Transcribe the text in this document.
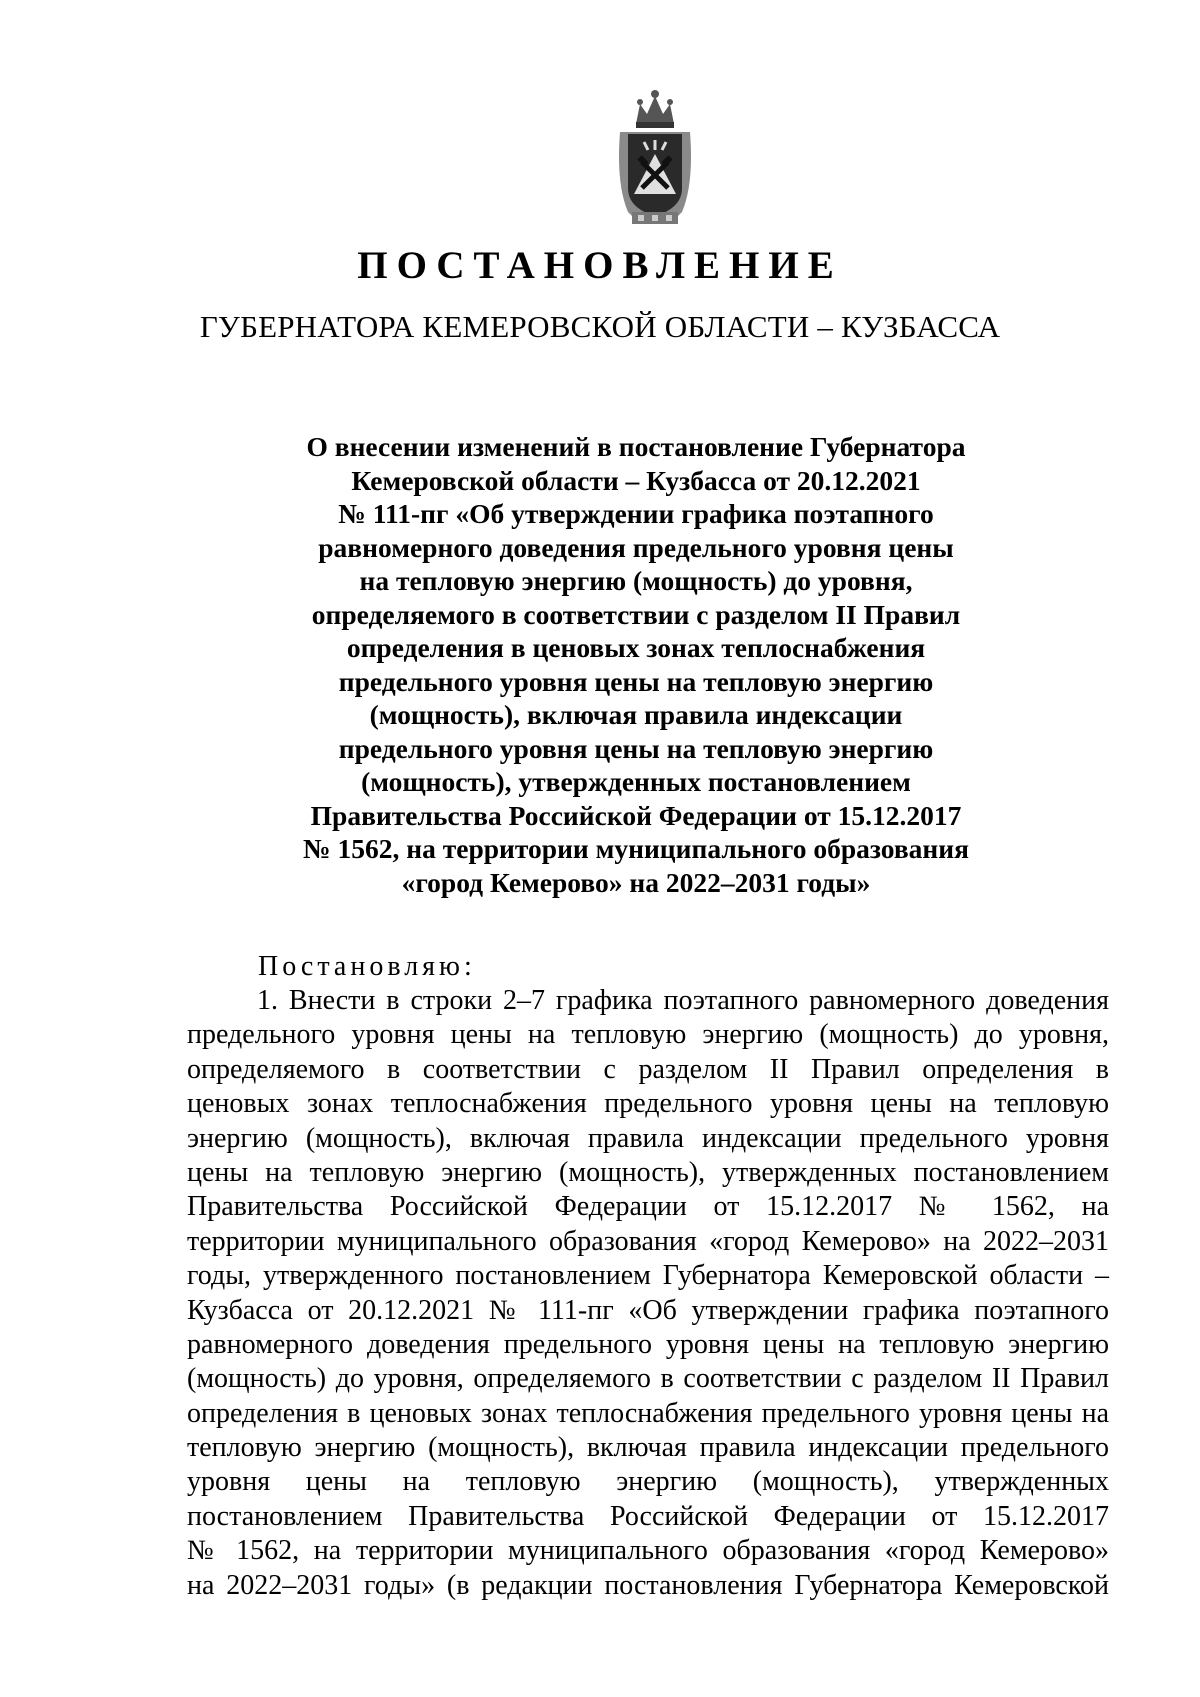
ПОСТАНОВЛЕНИЕ
ГУБЕРНАТОРА КЕМЕРОВСКОЙ ОБЛАСТИ – КУЗБАССА
О внесении изменений в постановление Губернатора
Кемеровской области – Кузбасса от 20.12.2021
№ 111-пг «Об утверждении графика поэтапного
равномерного доведения предельного уровня цены
на тепловую энергию (мощность) до уровня,
определяемого в соответствии с разделом II Правил
определения в ценовых зонах теплоснабжения
предельного уровня цены на тепловую энергию
(мощность), включая правила индексации
предельного уровня цены на тепловую энергию
(мощность), утвержденных постановлением
Правительства Российской Федерации от 15.12.2017
№ 1562, на территории муниципального образования
«город Кемерово» на 2022–2031 годы»
Постановляю:
1. Внести в строки 2–7 графика поэтапного равномерного доведения
предельного уровня цены на тепловую энергию (мощность) до уровня,
определяемого в соответствии с разделом II Правил определения в
ценовых зонах теплоснабжения предельного уровня цены на тепловую
энергию (мощность), включая правила индексации предельного уровня
цены на тепловую энергию (мощность), утвержденных постановлением
Правительства Российской Федерации от 15.12.2017 № 1562, на
территории муниципального образования «город Кемерово» на 2022–2031
годы, утвержденного постановлением Губернатора Кемеровской области –
Кузбасса от 20.12.2021 № 111-пг «Об утверждении графика поэтапного
равномерного доведения предельного уровня цены на тепловую энергию
(мощность) до уровня, определяемого в соответствии с разделом II Правил
определения в ценовых зонах теплоснабжения предельного уровня цены на
тепловую энергию (мощность), включая правила индексации предельного
уровня цены на тепловую энергию (мощность), утвержденных
постановлением Правительства Российской Федерации от 15.12.2017
№ 1562, на территории муниципального образования «город Кемерово»
на 2022–2031 годы» (в редакции постановления Губернатора Кемеровской
